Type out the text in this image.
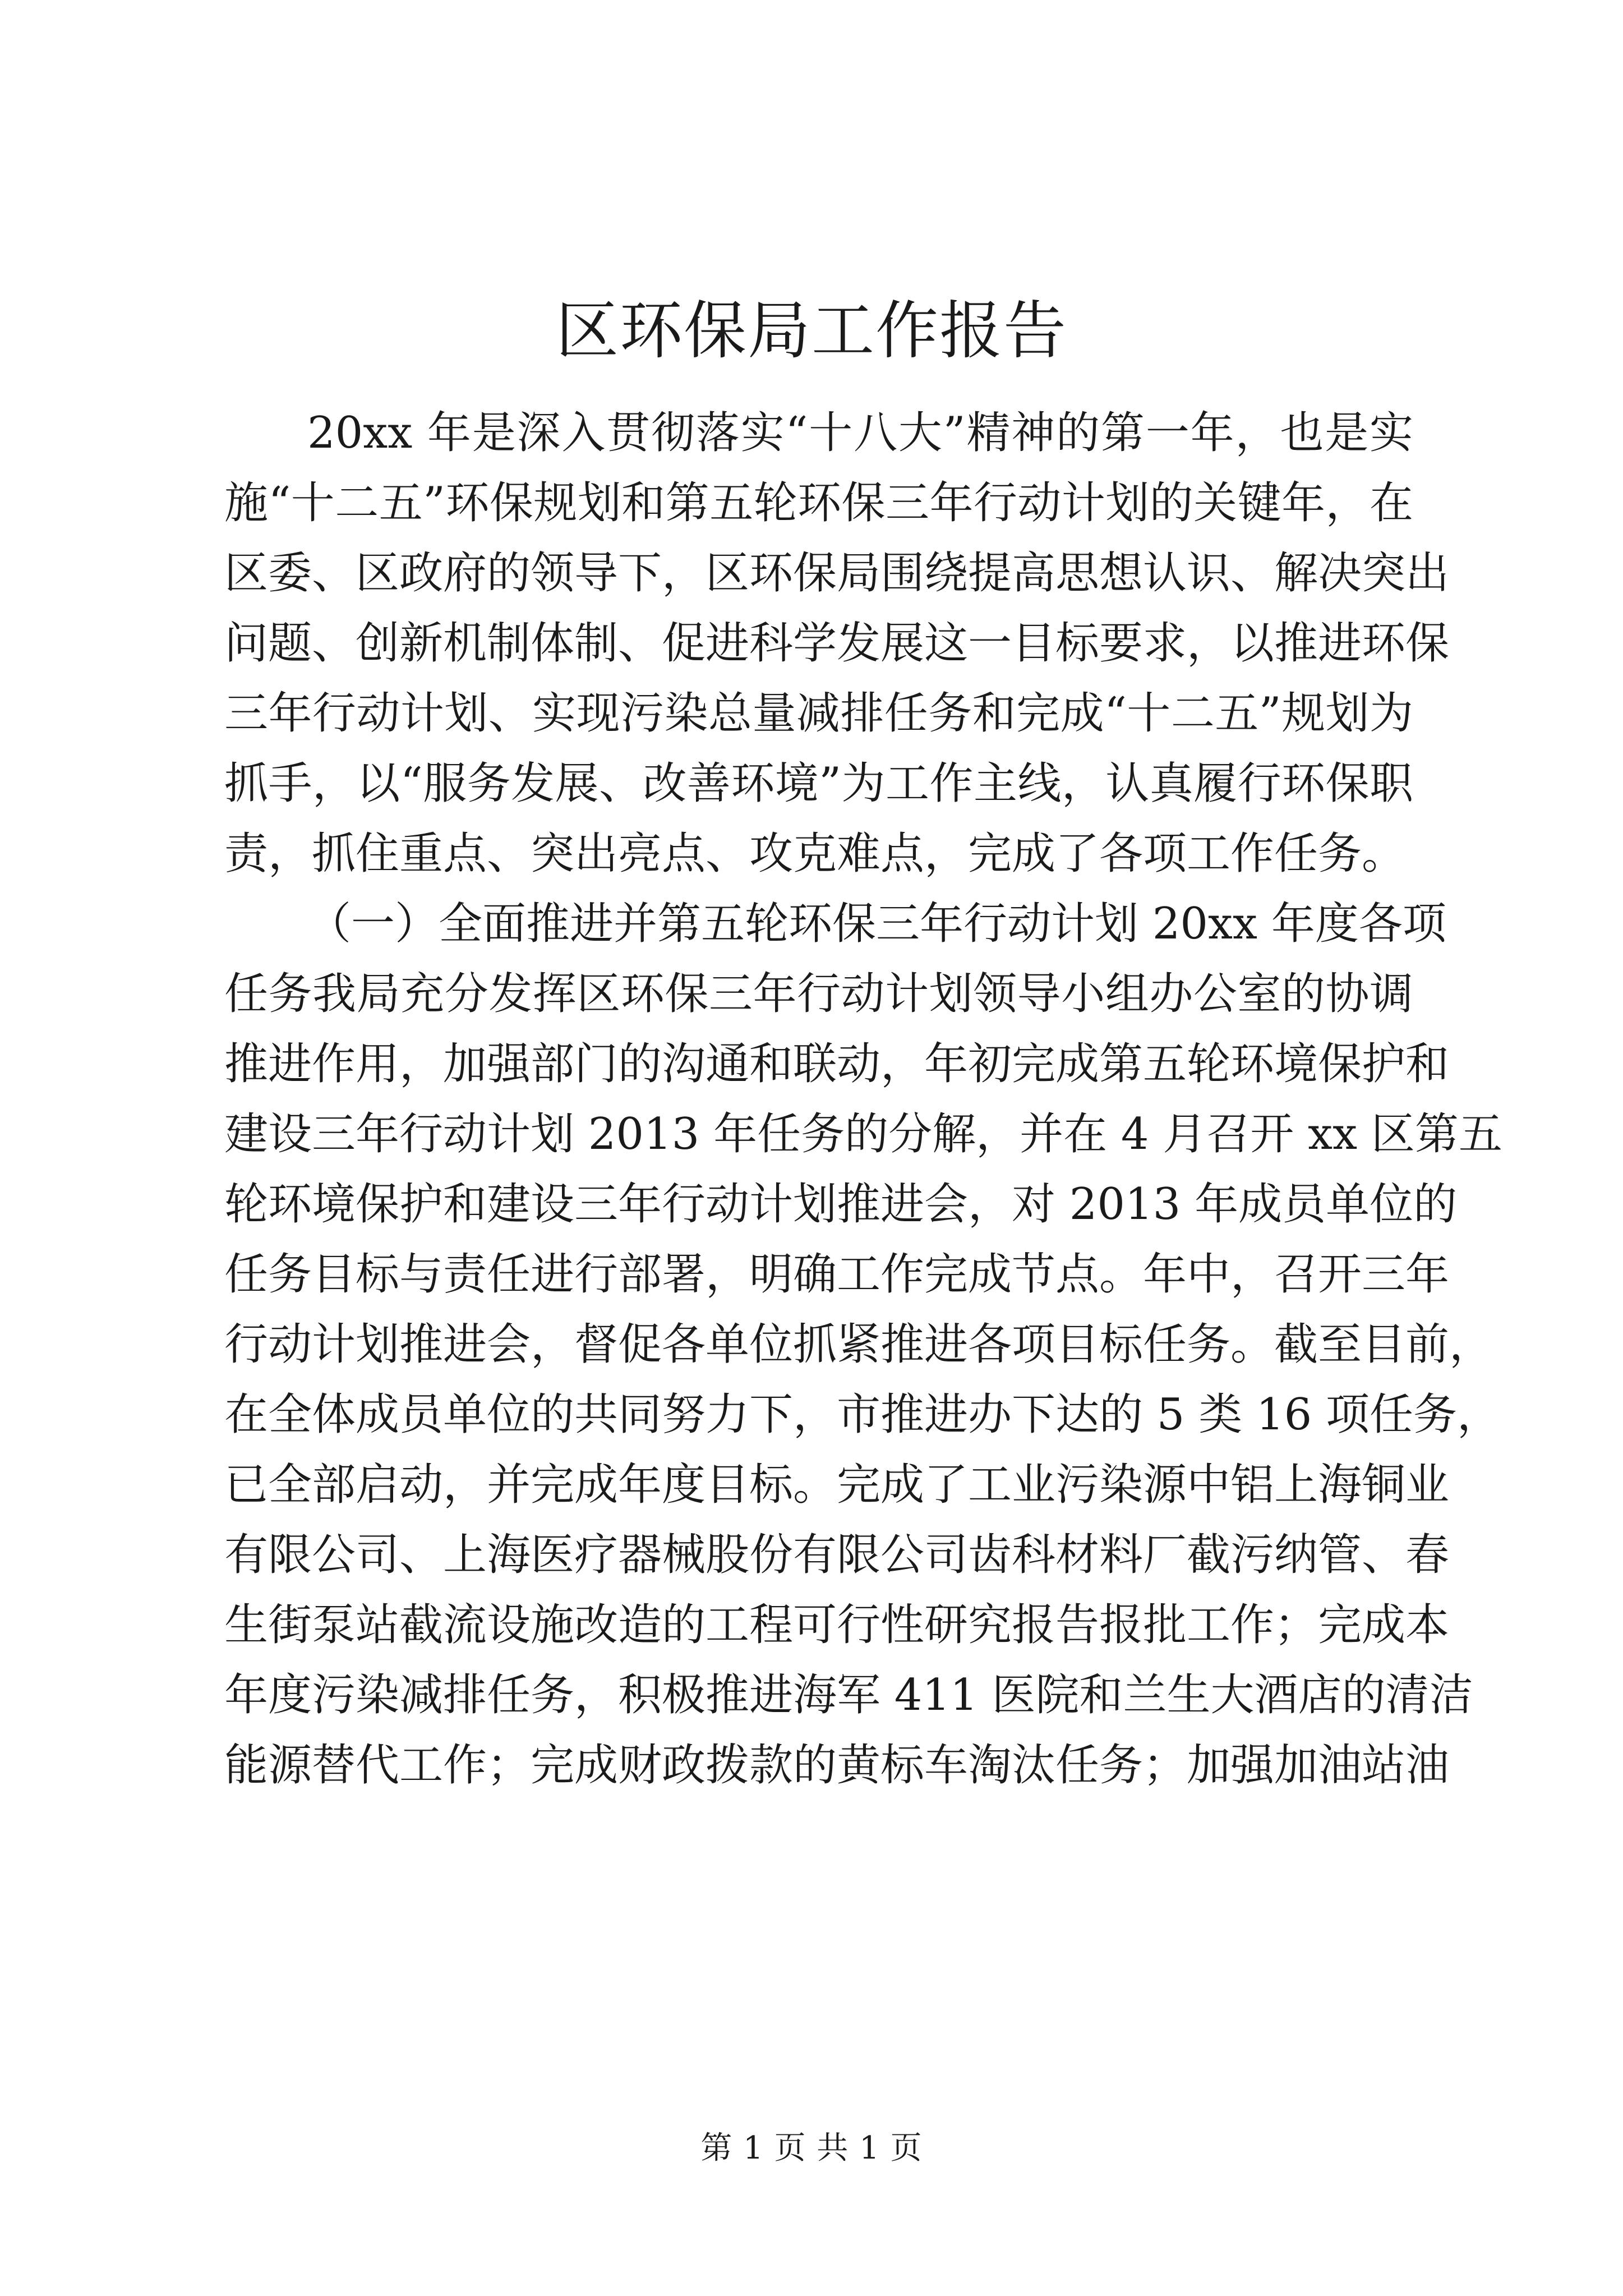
区环保局工作报告
20xx 年是深入贯彻落实“十八大”精神的第一年，也是实
施“十二五”环保规划和第五轮环保三年行动计划的关键年，在
区委、区政府的领导下，区环保局围绕提高思想认识、解决突出
问题、创新机制体制、促进科学发展这一目标要求，以推进环保
三年行动计划、实现污染总量减排任务和完成“十二五”规划为
抓手，以“服务发展、改善环境”为工作主线，认真履行环保职
责，抓住重点、突出亮点、攻克难点，完成了各项工作任务。
（一）全面推进并第五轮环保三年行动计划 20xx 年度各项
任务我局充分发挥区环保三年行动计划领导小组办公室的协调
推进作用，加强部门的沟通和联动，年初完成第五轮环境保护和
建设三年行动计划 2013 年任务的分解，并在 4 月召开 xx 区第五
轮环境保护和建设三年行动计划推进会，对 2013 年成员单位的
任务目标与责任进行部署，明确工作完成节点。年中，召开三年
行动计划推进会，督促各单位抓紧推进各项目标任务。截至目前，
在全体成员单位的共同努力下，市推进办下达的 5 类 16 项任务，
已全部启动，并完成年度目标。完成了工业污染源中铝上海铜业
有限公司、上海医疗器械股份有限公司齿科材料厂截污纳管、春
生街泵站截流设施改造的工程可行性研究报告报批工作；完成本
年度污染减排任务，积极推进海军 411 医院和兰生大酒店的清洁
能源替代工作；完成财政拨款的黄标车淘汰任务；加强加油站油
第 1 页 共 1 页
